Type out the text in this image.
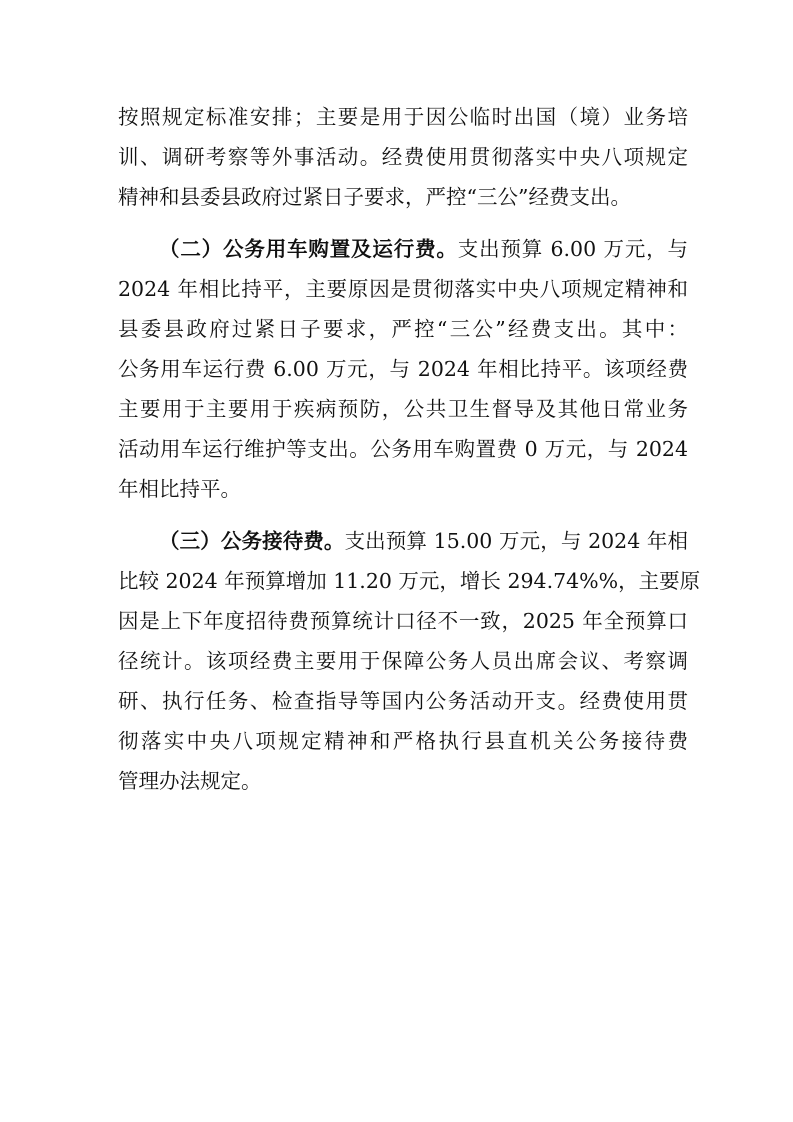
按照规定标准安排；主要是用于因公临时出国（境）业务培
训、调研考察等外事活动。经费使用贯彻落实中央八项规定
精神和县委县政府过紧日子要求，严控“三公”经费支出。
（二）公务用车购置及运行费。支出预算 6.00 万元，与
2024 年相比持平，主要原因是贯彻落实中央八项规定精神和
县委县政府过紧日子要求，严控“三公”经费支出。其中：
公务用车运行费 6.00 万元，与 2024 年相比持平。该项经费
主要用于主要用于疾病预防，公共卫生督导及其他日常业务
活动用车运行维护等支出。公务用车购置费 0 万元，与 2024
年相比持平。
（三）公务接待费。支出预算 15.00 万元，与 2024 年相
比较 2024 年预算增加 11.20 万元，增长 294.74%%，主要原
因是上下年度招待费预算统计口径不一致，2025 年全预算口
径统计。该项经费主要用于保障公务人员出席会议、考察调
研、执行任务、检查指导等国内公务活动开支。经费使用贯
彻落实中央八项规定精神和严格执行县直机关公务接待费
管理办法规定。
